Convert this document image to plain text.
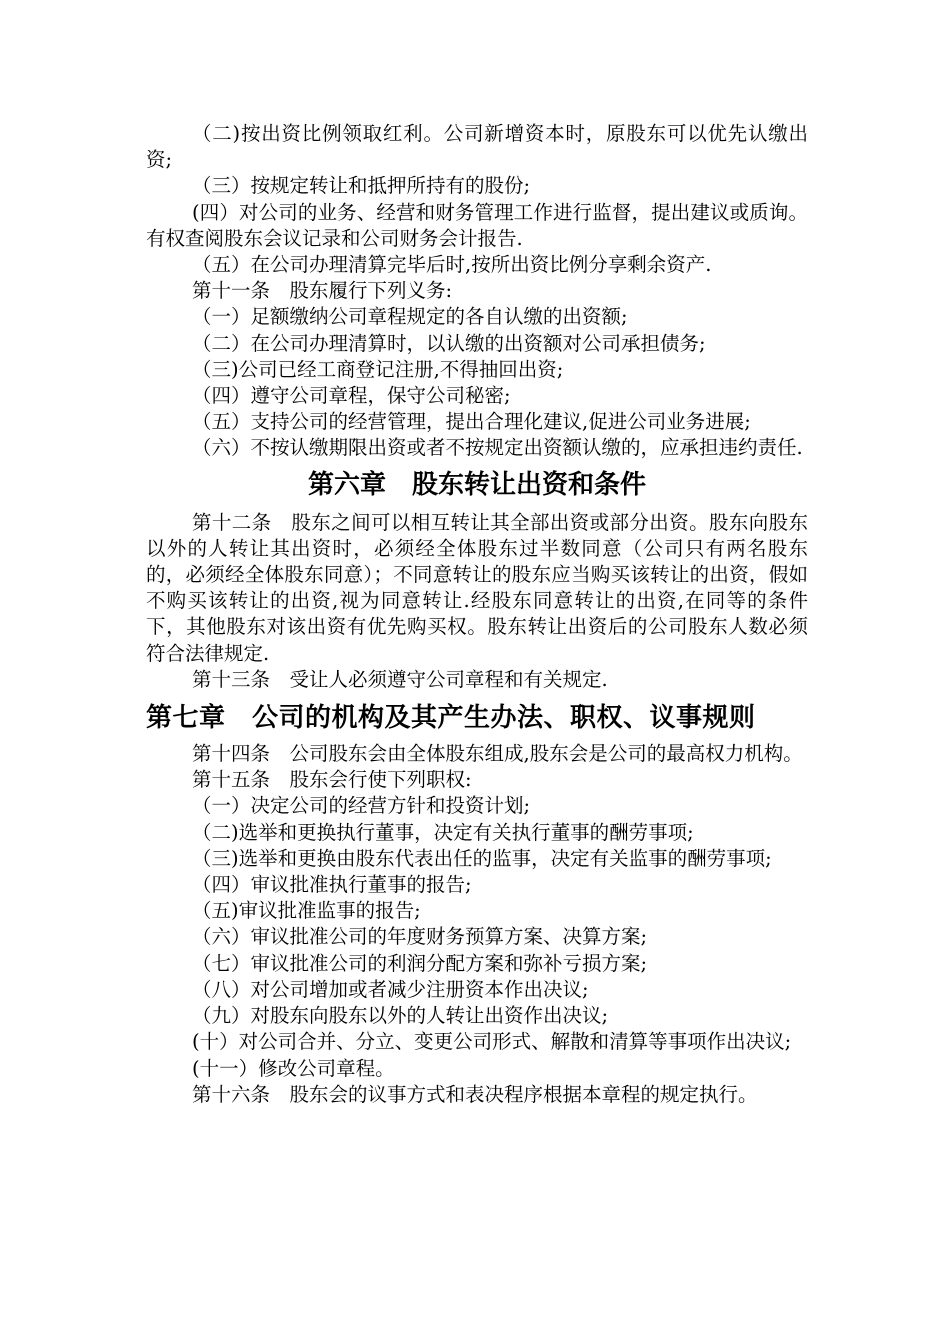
（二)按出资比例领取红利。公司新增资本时，原股东可以优先认缴出资;

（三）按规定转让和抵押所持有的股份;

(四）对公司的业务、经营和财务管理工作进行监督，提出建议或质询。有权查阅股东会议记录和公司财务会计报告.

（五）在公司办理清算完毕后时,按所出资比例分享剩余资产.

第十一条　股东履行下列义务:

（一）足额缴纳公司章程规定的各自认缴的出资额;

（二）在公司办理清算时，以认缴的出资额对公司承担债务;

（三)公司已经工商登记注册,不得抽回出资;

（四）遵守公司章程，保守公司秘密;

（五）支持公司的经营管理，提出合理化建议,促进公司业务进展;

（六）不按认缴期限出资或者不按规定出资额认缴的，应承担违约责任.

第六章　股东转让出资和条件

第十二条　股东之间可以相互转让其全部出资或部分出资。股东向股东以外的人转让其出资时，必须经全体股东过半数同意（公司只有两名股东的，必须经全体股东同意）；不同意转让的股东应当购买该转让的出资，假如不购买该转让的出资,视为同意转让.经股东同意转让的出资,在同等的条件下，其他股东对该出资有优先购买权。股东转让出资后的公司股东人数必须符合法律规定.

第十三条　受让人必须遵守公司章程和有关规定.

第七章　公司的机构及其产生办法、职权、议事规则

第十四条　公司股东会由全体股东组成,股东会是公司的最高权力机构。

第十五条　股东会行使下列职权:

（一）决定公司的经营方针和投资计划;

（二)选举和更换执行董事，决定有关执行董事的酬劳事项;

（三)选举和更换由股东代表出任的监事，决定有关监事的酬劳事项;

（四）审议批准执行董事的报告;

（五)审议批准监事的报告;

（六）审议批准公司的年度财务预算方案、决算方案;

（七）审议批准公司的利润分配方案和弥补亏损方案;

（八）对公司增加或者减少注册资本作出决议;

（九）对股东向股东以外的人转让出资作出决议;

(十）对公司合并、分立、变更公司形式、解散和清算等事项作出决议;

(十一）修改公司章程。

第十六条　股东会的议事方式和表决程序根据本章程的规定执行。
